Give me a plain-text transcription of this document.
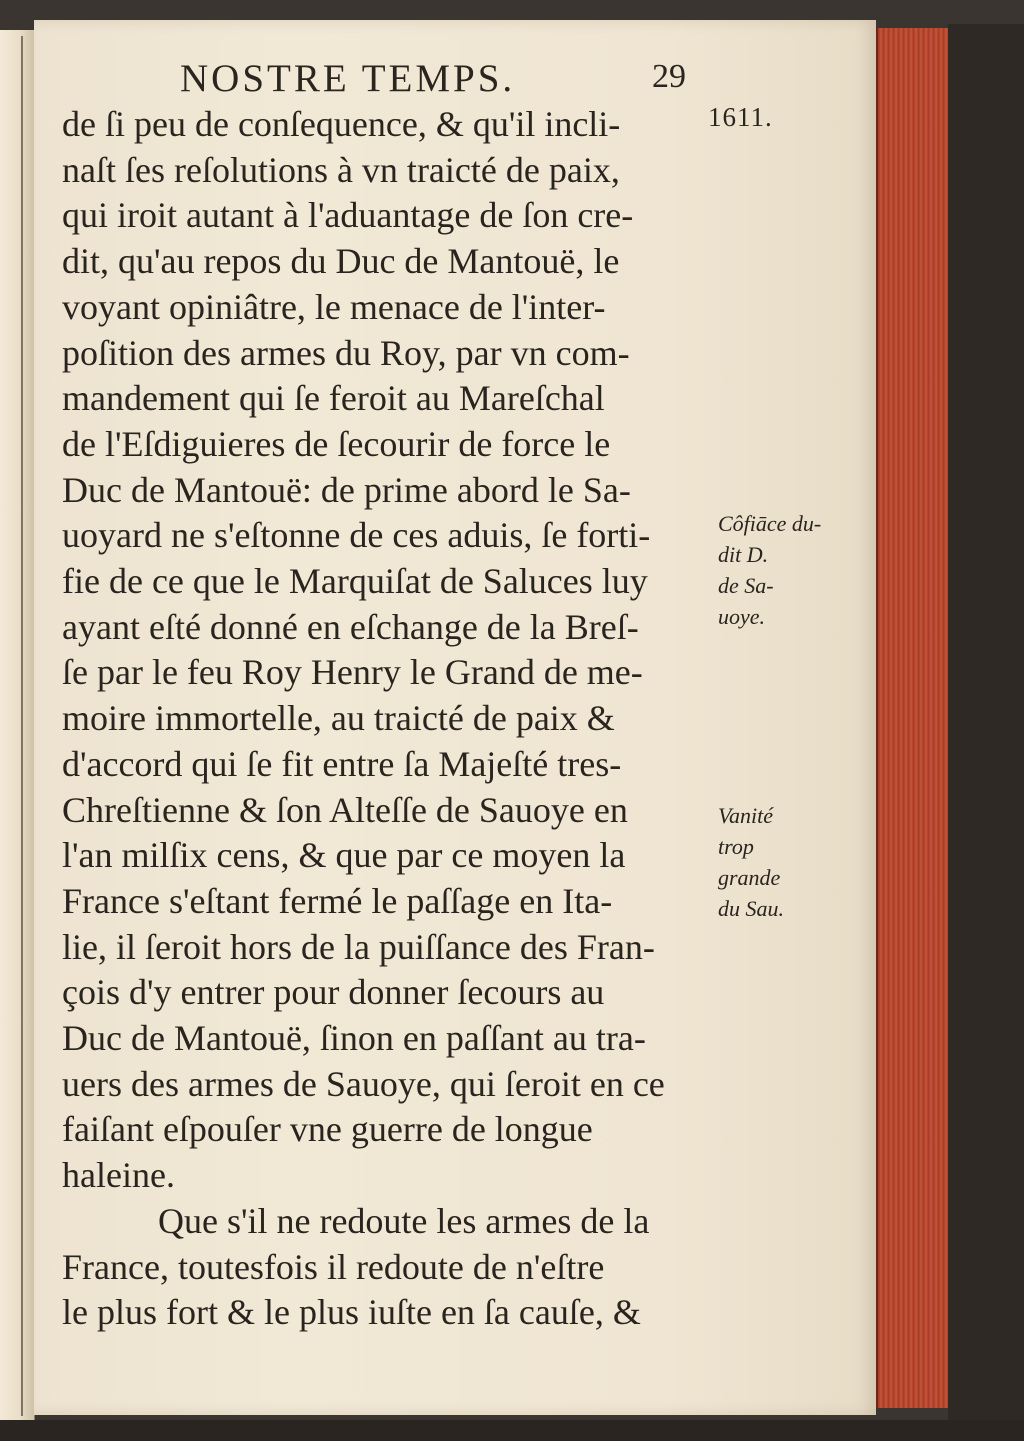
NOSTRE TEMPS.	29
1611.
de ſi peu de conſequence, & qu'il incli-
naſt ſes reſolutions à vn traicté de paix,
qui iroit autant à l'aduantage de ſon cre-
dit, qu'au repos du Duc de Mantouë, le
voyant opiniâtre, le menace de l'inter-
poſition des armes du Roy, par vn com-
mandement qui ſe feroit au Mareſchal
de l'Eſdiguieres de ſecourir de force le
Duc de Mantouë: de prime abord le Sa-
uoyard ne s'eſtonne de ces aduis, ſe forti-
fie de ce que le Marquiſat de Saluces luy
ayant eſté donné en eſchange de la Breſ-
ſe par le feu Roy Henry le Grand de me-
moire immortelle, au traicté de paix &
d'accord qui ſe fit entre ſa Majeſté tres-
Chreſtienne & ſon Alteſſe de Sauoye en
l'an milſix cens, & que par ce moyen la
France s'eſtant fermé le paſſage en Ita-
lie, il ſeroit hors de la puiſſance des Fran-
çois d'y entrer pour donner ſecours au
Duc de Mantouë, ſinon en paſſant au tra-
uers des armes de Sauoye, qui ſeroit en ce
faiſant eſpouſer vne guerre de longue
haleine.
Que s'il ne redoute les armes de la
France, toutesfois il redoute de n'eſtre
le plus fort & le plus iuſte en ſa cauſe, &
Côfiāce du-
dit D.
de Sa-
uoye.
Vanité
trop
grande
du Sau.
